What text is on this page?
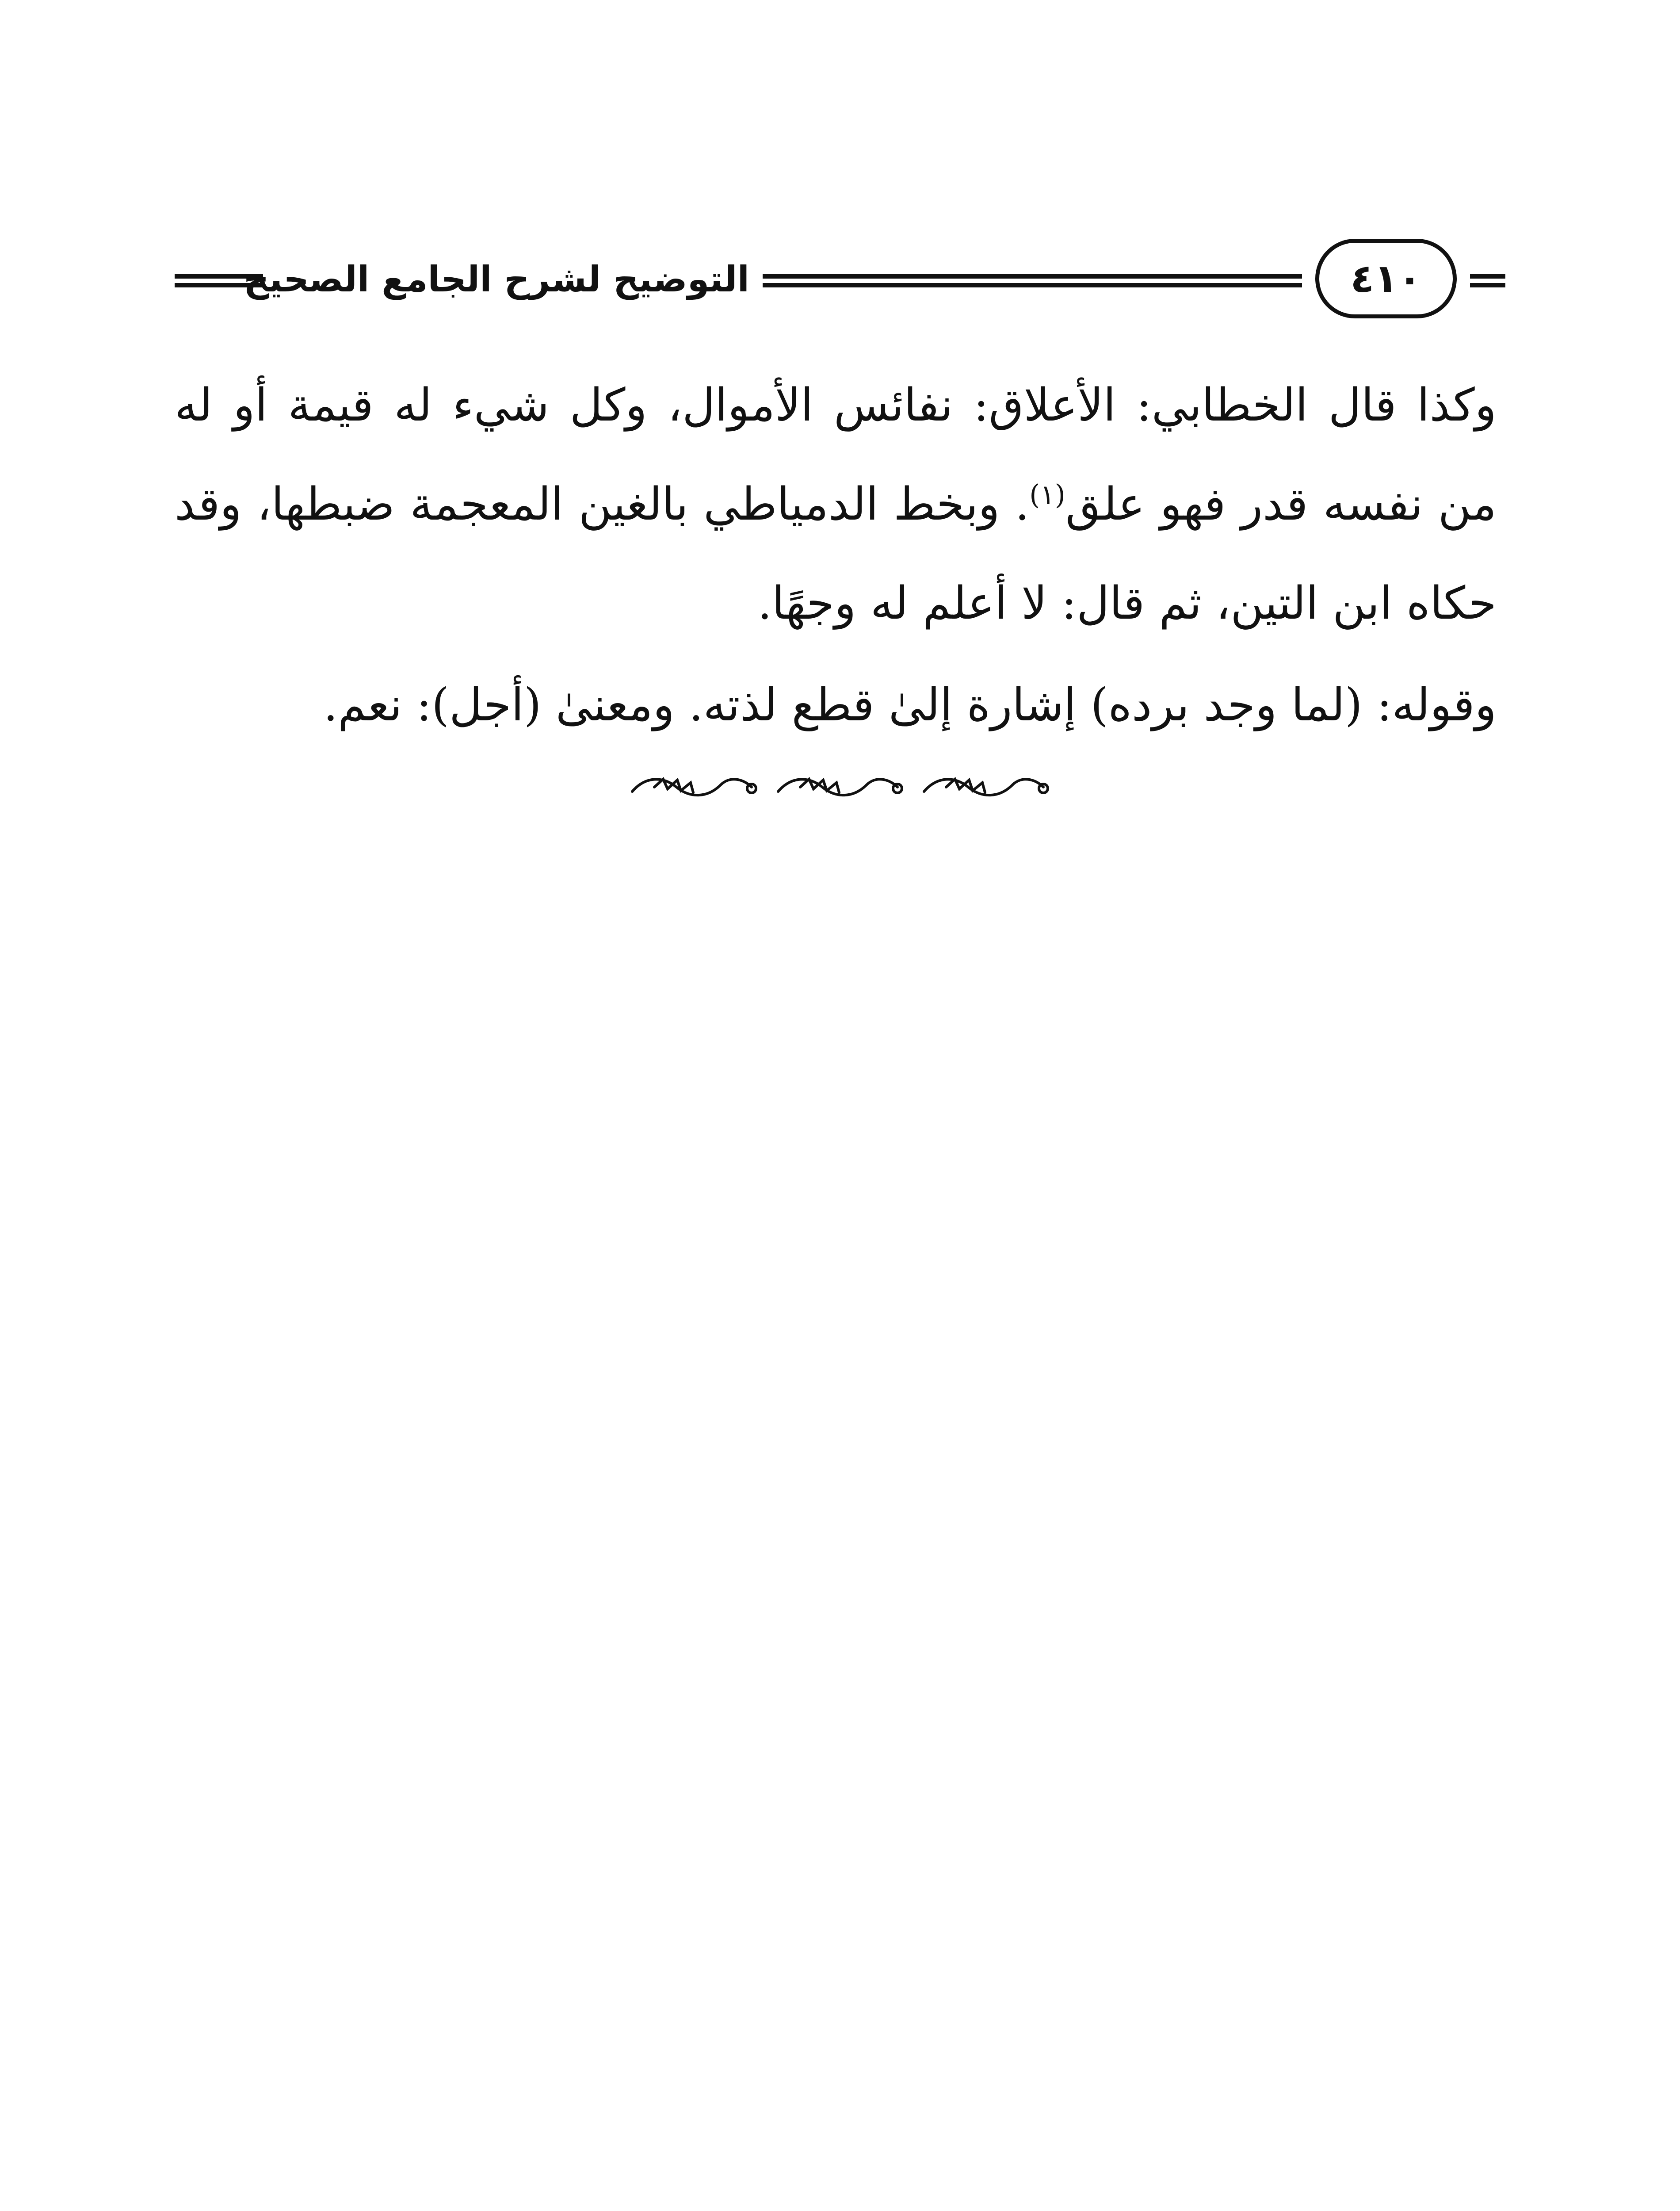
التوضيح لشرح الجامع الصحيح	٤١٠

وكذا قال الخطابي: الأعلاق: نفائس الأموال، وكل شيء له قيمة أو له من نفسه قدر فهو علق$^{(١)}$. وبخط الدمياطي بالغين المعجمة ضبطها، وقد حكاه ابن التين، ثم قال: لا أعلم له وجهًا.

وقوله: (لما وجد برده) إشارة إلىٰ قطع لذته. ومعنىٰ (أجل): نعم.
